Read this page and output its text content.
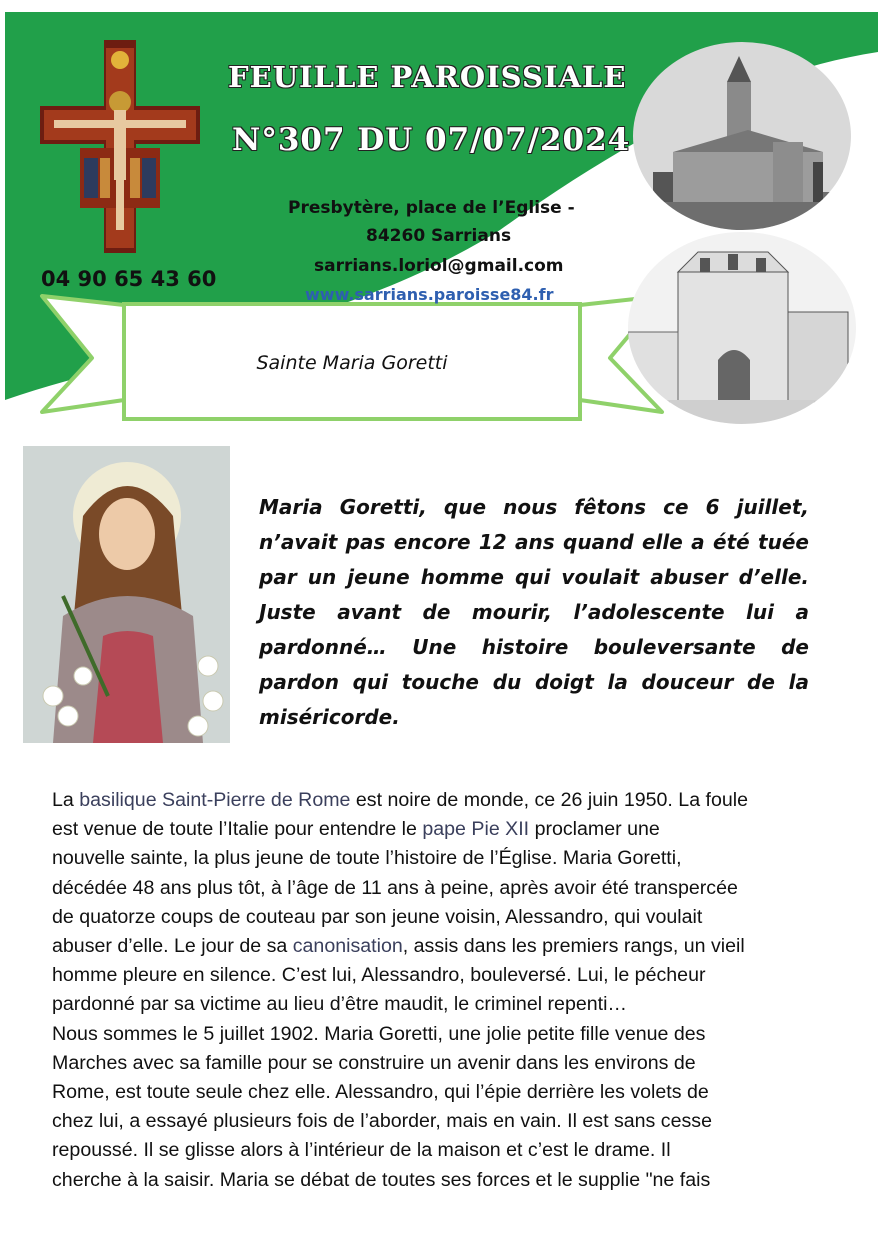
FEUILLE PAROISSIALE
N°307 DU 07/07/2024
Presbytère, place de l’Eglise -
84260 Sarrians
sarrians.loriol@gmail.com
www.sarrians.paroisse84.fr
04 90 65 43 60
Sainte Maria Goretti

Maria Goretti, que nous fêtons ce 6 juillet, n’avait pas encore 12 ans quand elle a été tuée par un jeune homme qui voulait abuser d’elle. Juste avant de mourir, l’adolescente lui a pardonné… Une histoire bouleversante de pardon qui touche du doigt la douceur de la miséricorde.

La basilique Saint-Pierre de Rome est noire de monde, ce 26 juin 1950. La foule
est venue de toute l’Italie pour entendre le pape Pie XII proclamer une
nouvelle sainte, la plus jeune de toute l’histoire de l’Église. Maria Goretti,
décédée 48 ans plus tôt, à l’âge de 11 ans à peine, après avoir été transpercée
de quatorze coups de couteau par son jeune voisin, Alessandro, qui voulait
abuser d’elle. Le jour de sa canonisation, assis dans les premiers rangs, un vieil
homme pleure en silence. C’est lui, Alessandro, bouleversé. Lui, le pécheur
pardonné par sa victime au lieu d’être maudit, le criminel repenti…
Nous sommes le 5 juillet 1902. Maria Goretti, une jolie petite fille venue des
Marches avec sa famille pour se construire un avenir dans les environs de
Rome, est toute seule chez elle. Alessandro, qui l’épie derrière les volets de
chez lui, a essayé plusieurs fois de l’aborder, mais en vain. Il est sans cesse
repoussé. Il se glisse alors à l’intérieur de la maison et c’est le drame. Il
cherche à la saisir. Maria se débat de toutes ses forces et le supplie "ne fais
